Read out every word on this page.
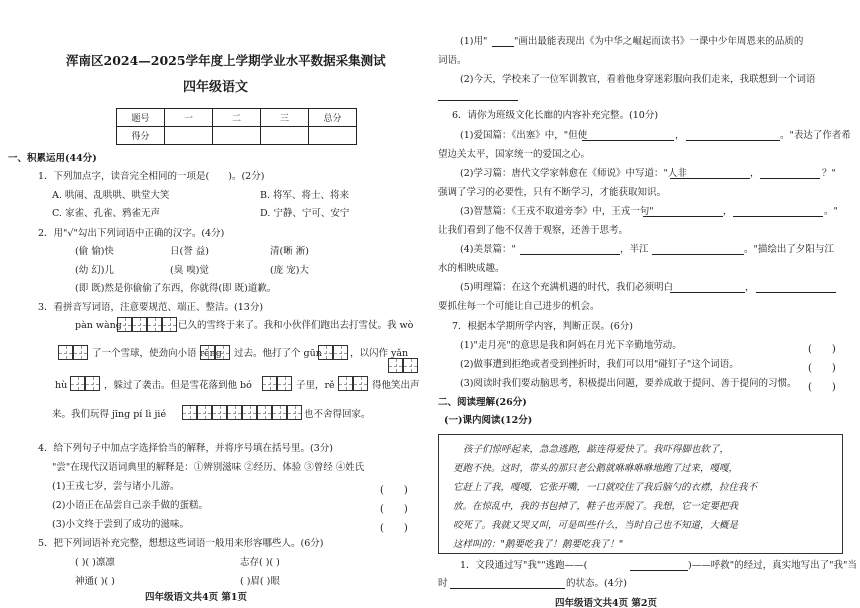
浑南区2024—2025学年度上学期学业水平数据采集测试
四年级语文
题号	一	二	三	总分
得分				
一、积累运用(44分)
1．下列加点字，读音完全相同的一项是(　　)。(2分)
A. 哄闹、乱哄哄、哄堂大笑	B. 将军、将士、将来
C. 家雀、孔雀、鸦雀无声	D. 宁静、宁可、安宁
2．用"√"勾出下列词语中正确的汉字。(4分)
(偷 愉)快	日(誉 益)	清(晰 淅)
(幼 幻)儿	(臭 嗅)觉	(庞 宠)大
(即 既)然是你偷偷了东西，你就得(即 既)道歉。
3．看拼音写词语，注意要规范、端正、整洁。(13分)
pàn wàng	已久的雪终于来了。我和小伙伴们跑出去打雪仗。我 wò
了一个雪球，使劲向小语 rēng 过去。他打了个 gūn	，以闪作 yǎn
hù	，躲过了袭击。但是雪花落到他 bó	子里，rě	得他笑出声
来。我们玩得 jīng pí lì jié	也不舍得回家。
4．给下列句子中加点字选择恰当的解释，并将序号填在括号里。(3分)
"尝"在现代汉语词典里的解释是：①辨别滋味 ②经历、体验 ③曾经 ④姓氏
(1)王戎七岁，尝与诸小儿游。	(　　)
(2)小语正在品尝自己亲手做的蛋糕。	(　　)
(3)小文终于尝到了成功的滋味。	(　　)
5．把下列词语补充完整，想想这些词语一般用来形容哪些人。(6分)
( )( )凛凛	志存( )( )
神通( )( )	( )眉( )眼
四年级语文共4页 第1页
(1)用"	"画出最能表现出《为中华之崛起而读书》一课中少年周恩来的品质的
词语。
(2)今天，学校来了一位军训教官，看着他身穿迷彩服向我们走来，我联想到一个词语
6．请你为班级文化长廊的内容补充完整。(10分)
(1)爱国篇：《出塞》中，"但使	，	。"表达了作者希
望边关太平，国家统一的爱国之心。
(2)学习篇：唐代文学家韩愈在《师说》中写道："人非	，	？"
强调了学习的必要性，只有不断学习，才能获取知识。
(3)智慧篇：《王戎不取道旁李》中，王戎一句"	，	。"
让我们看到了他不仅善于观察，还善于思考。
(4)美景篇："	，半江	。"描绘出了夕阳与江
水的相映成趣。
(5)明理篇：在这个充满机遇的时代，我们必须明白	，
要抓住每一个可能让自己进步的机会。
7．根据本学期所学内容，判断正误。(6分)
(1)"走月亮"的意思是我和阿妈在月光下辛勤地劳动。	(　　)
(2)做事遭到拒绝或者受到挫折时，我们可以用"碰钉子"这个词语。	(　　)
(3)阅读时我们要动脑思考，积极提出问题，要养成敢于提问、善于提问的习惯。 (　　)
二、阅读理解(26分)
(一)课内阅读(12分)
孩子们惊呼起来，急急逃跑，踮连得爱快了。我吓得脚也软了，
更跑不快。这时，带头的那只老公鹅就咻咻咻咻地跑了过来，嘎嘎，
它赶上了我，嘎嘎，它张开嘴，一口就咬住了我后脑勺的衣襟，拉住我不
放。在惊乱中，我的书包掉了，鞋子也弄脱了。我想，它一定要把我
咬死了。我就又哭又叫，可是叫些什么，当时自己也不知道，大概是
这样叫的："鹅要吃我了！鹅要吃我了！"
1．文段通过写"我""逃跑——(	)——呼救"的经过，真实地写出了"我"当
时	的状态。(4分)
四年级语文共4页 第2页
